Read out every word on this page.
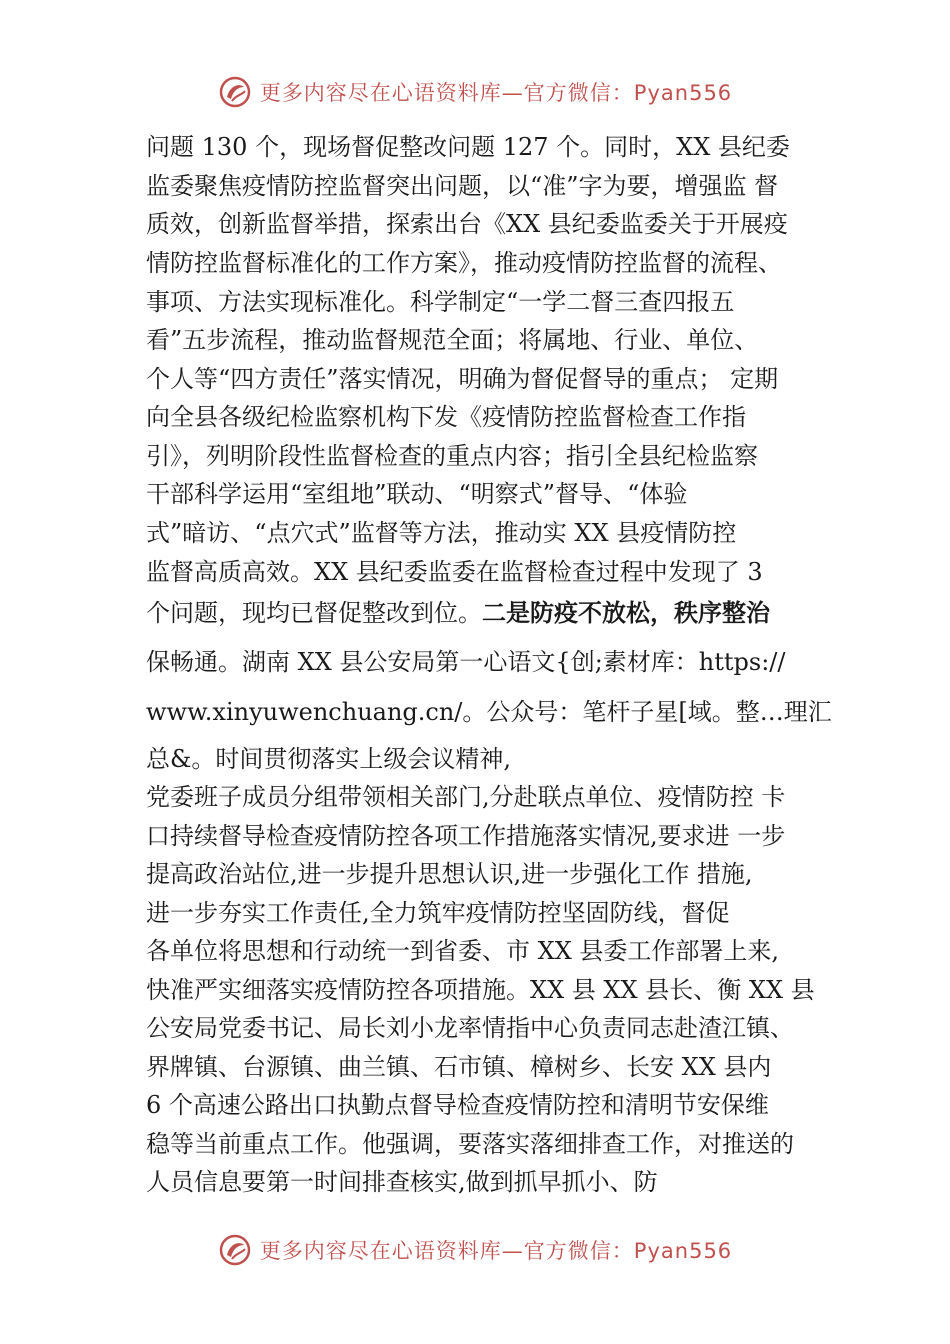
更多内容尽在心语资料库—官方微信：Pyan556
问题 130 个，现场督促整改问题 127 个。同时，XX 县纪委
监委聚焦疫情防控监督突出问题，以“准”字为要，增强监 督
质效，创新监督举措，探索出台《XX 县纪委监委关于开展疫
情防控监督标准化的工作方案》，推动疫情防控监督的流程、
事项、方法实现标准化。科学制定“一学二督三查四报五
看”五步流程，推动监督规范全面；将属地、行业、单位、
个人等“四方责任”落实情况，明确为督促督导的重点； 定期
向全县各级纪检监察机构下发《疫情防控监督检查工作指
引》，列明阶段性监督检查的重点内容；指引全县纪检监察
干部科学运用“室组地”联动、“明察式”督导、“体验
式”暗访、“点穴式”监督等方法，推动实 XX 县疫情防控
监督高质高效。XX 县纪委监委在监督检查过程中发现了 3
个问题，现均已督促整改到位。二是防疫不放松，秩序整治
保畅通。湖南 XX 县公安局第一心语文{创;素材库：https://
www.xinyuwenchuang.cn/。公众号：笔杆子星[域。整…理汇
总&。时间贯彻落实上级会议精神,
党委班子成员分组带领相关部门,分赴联点单位、疫情防控 卡
口持续督导检查疫情防控各项工作措施落实情况,要求进 一步
提高政治站位,进一步提升思想认识,进一步强化工作 措施,
进一步夯实工作责任,全力筑牢疫情防控坚固防线，督促
各单位将思想和行动统一到省委、市 XX 县委工作部署上来,
快准严实细落实疫情防控各项措施。XX 县 XX 县长、衡 XX 县
公安局党委书记、局长刘小龙率情指中心负责同志赴渣江镇、
界牌镇、台源镇、曲兰镇、石市镇、樟树乡、长安 XX 县内
6 个高速公路出口执勤点督导检查疫情防控和清明节安保维
稳等当前重点工作。他强调，要落实落细排查工作，对推送的
人员信息要第一时间排查核实,做到抓早抓小、防
更多内容尽在心语资料库—官方微信：Pyan556
